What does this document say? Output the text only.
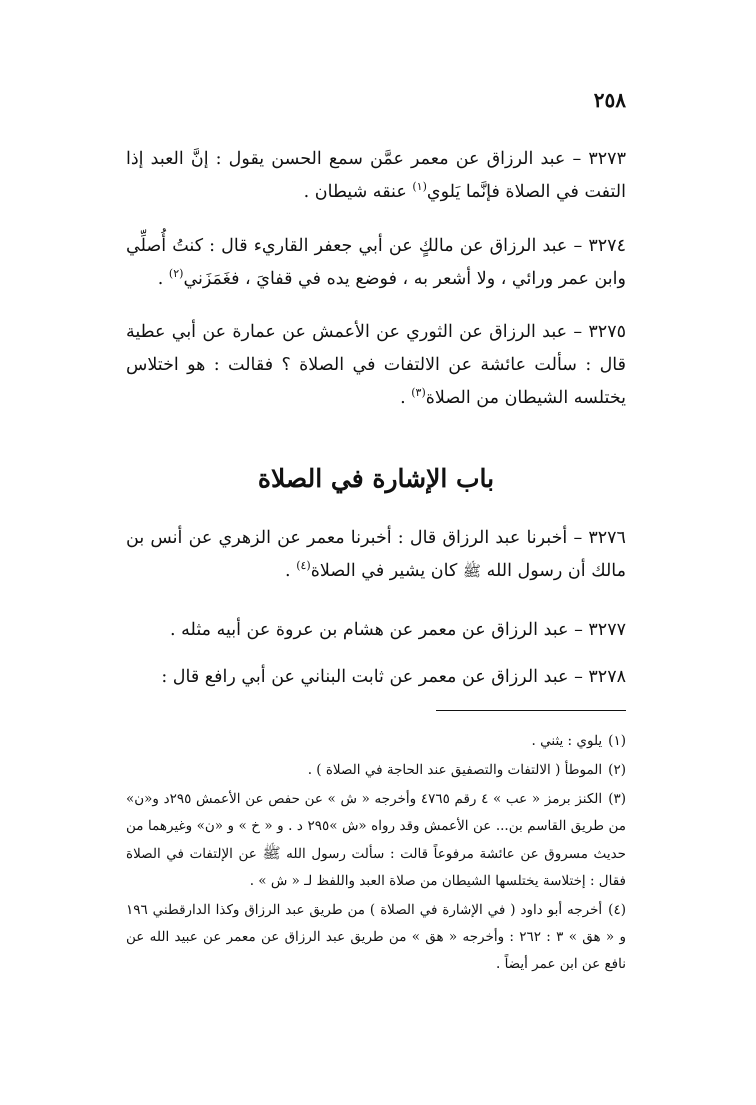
٢٥٨

٣٢٧٣ – عبد الرزاق عن معمر عمَّن سمع الحسن يقول : إنَّ العبد إذا التفت في الصلاة فإنَّما يَلوي$^{(١)}$ عنقه شيطان .

٣٢٧٤ – عبد الرزاق عن مالكٍ عن أبي جعفر القاريء قال : كنتُ أُصلِّي وابن عمر ورائي ، ولا أشعر به ، فوضع يده في قفايَ ، فغَمَزَني$^{(٢)}$ .

٣٢٧٥ – عبد الرزاق عن الثوري عن الأعمش عن عمارة عن أبي عطية قال : سألت عائشة عن الالتفات في الصلاة ؟ فقالت : هو اختلاس يختلسه الشيطان من الصلاة$^{(٣)}$ .

باب الإشارة في الصلاة

٣٢٧٦ – أخبرنا عبد الرزاق قال : أخبرنا معمر عن الزهري عن أنس بن مالك أن رسول الله ﷺ كان يشير في الصلاة$^{(٤)}$ .

٣٢٧٧ – عبد الرزاق عن معمر عن هشام بن عروة عن أبيه مثله .

٣٢٧٨ – عبد الرزاق عن معمر عن ثابت البناني عن أبي رافع قال :

(١)يلوي : يثني .

(٢)الموطأ ( الالتفات والتصفيق عند الحاجة في الصلاة ) .

(٣)الكنز برمز « عب » ٤ رقم ٤٧٦٥ وأخرجه « ش » عن حفص عن الأعمش ٢٩٥د و«ن» من طريق القاسم بن... عن الأعمش وقد رواه «ش »٢٩٥ د . و « خ » و «ن» وغيرهما من حديث مسروق عن عائشة مرفوعاً قالت : سألت رسول الله ﷺ عن الإلتفات في الصلاة فقال : إختلاسة يختلسها الشيطان من صلاة العبد واللفظ لـ « ش » .

(٤)أخرجه أبو داود ( في الإشارة في الصلاة ) من طريق عبد الرزاق وكذا الدارقطني ١٩٦ و « هق » ٣ : ٢٦٢ : وأخرجه « هق » من طريق عبد الرزاق عن معمر عن عبيد الله عن نافع عن ابن عمر أيضاً .
